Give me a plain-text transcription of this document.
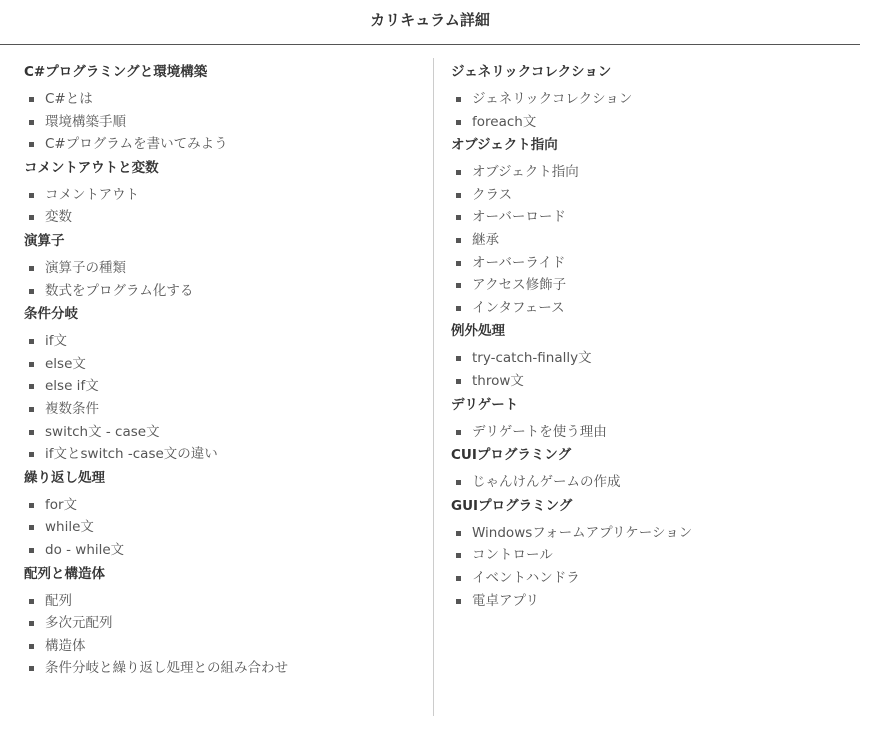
カリキュラム詳細
C#プログラミングと環境構築
C#とは
環境構築手順
C#プログラムを書いてみよう
コメントアウトと変数
コメントアウト
変数
演算子
演算子の種類
数式をプログラム化する
条件分岐
if文
else文
else if文
複数条件
switch文 - case文
if文とswitch -case文の違い
繰り返し処理
for文
while文
do - while文
配列と構造体
配列
多次元配列
構造体
条件分岐と繰り返し処理との組み合わせ
ジェネリックコレクション
ジェネリックコレクション
foreach文
オブジェクト指向
オブジェクト指向
クラス
オーバーロード
継承
オーバーライド
アクセス修飾子
インタフェース
例外処理
try-catch-finally文
throw文
デリゲート
デリゲートを使う理由
CUIプログラミング
じゃんけんゲームの作成
GUIプログラミング
Windowsフォームアプリケーション
コントロール
イベントハンドラ
電卓アプリ
